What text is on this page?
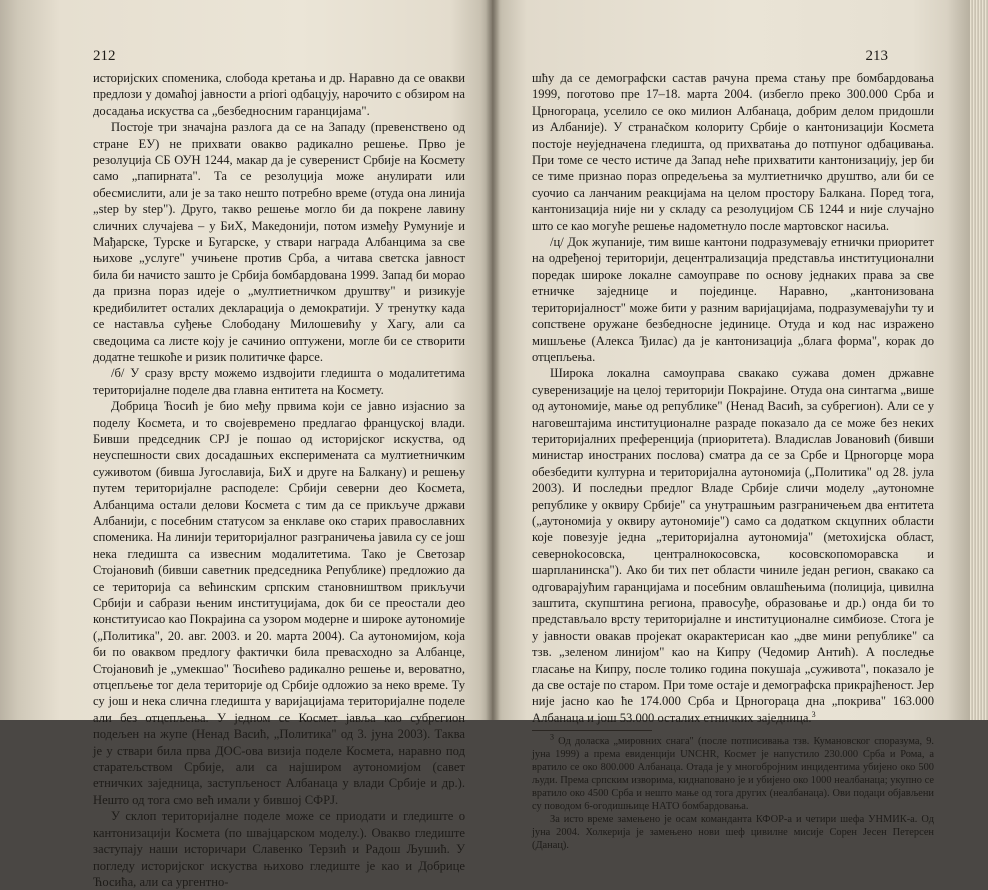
212

историјских споменика, слобода кретања и др. Наравно да се овакви предлози у домаћој јавности a priori одбацују, нарочито с обзиром на досадања искуства са „безбедносним гаранцијама".

Постоје три значајна разлога да се на Западу (превенствено од стране ЕУ) не прихвати овакво радикално решење. Прво је резолуција СБ ОУН 1244, макар да је суверенист Србије на Космету само „папирната". Та се резолуција може анулирати или обесмислити, али је за тако нешто потребно време (отуда она линија „step by step"). Друго, такво решење могло би да покрене лавину сличних случајева – у БиХ, Македонији, потом између Румуније и Мађарске, Турске и Бугарске, у ствари награда Албанцима за све њихове „услуге" учињене против Срба, а читава светска јавност била би начисто зашто је Србија бомбардована 1999. Запад би морао да призна пораз идеје о „мултиетничком друштву" и ризикује кредибилитет осталих декларација о демократији. У тренутку када се наставља суђење Слободану Милошевићу у Хагу, али са сведоцима са листе коју је сачинио оптужени, могле би се створити додатне тешкоће и ризик политичке фарсе.

/б/ У сразу врсту можемо издвојити гледишта о модалитетима територијалне поделе два главна ентитета на Космету.

Добрица Ћосић је био међу првима који се јавно изјаснио за поделу Космета, и то својевремено предлагао француској влади. Бивши председник СРЈ је пошао од историјског искуства, од неуспешности свих досадашњих експеримената са мултиетничким суживотом (бивша Југославија, БиХ и друге на Балкану) и решењу путем територијалне расподеле: Србији северни део Космета, Албанцима остали делови Космета с тим да се прикључе држави Албанији, с посебним статусом за енклаве око старих православних споменика. На линији територијалног разграничења јавила су се још нека гледишта са извесним модалитетима. Тако је Светозар Стојановић (бивши саветник председника Републике) предложио да се територија са већинским српским становништвом прикључи Србији и сабрази њеним институцијама, док би се преостали део конституисао као Покрајина са узором модерне и широке аутономије („Политика", 20. авг. 2003. и 20. марта 2004). Са аутономијом, која би по оваквом предлогу фактички била превасходно за Албанце, Стојановић је „умекшао" Ћосићево радикално решење и, вероватно, отцепљење тог дела територије од Србије одложио за неко време. Ту су још и нека слична гледишта у варијацијама територијалне поделе али без отцепљења. У једном се Космет јавља као субрегион подељен на жупе (Ненад Васић, „Политика" од 3. јуна 2003). Таква је у ствари била прва ДОС-ова визија поделе Космета, наравно под старатељством Србије, али са најширом аутономијом (савет етничких заједница, заступљеност Албанаца у влади Србије и др.). Нешто од тога смо већ имали у бившој СФРЈ.

У склоп територијалне поделе може се приодати и гледиште о кантонизацији Космета (по швајцарском моделу.). Овакво гледиште заступају наши историчари Славенко Терзић и Радош Љушић. У погледу историјског искуства њихово гледиште је као и Добрице Ћосића, али са ургентно-

213

шћу да се демографски састав рачуна према стању пре бомбардовања 1999, поготово пре 17–18. марта 2004. (избегло преко 300.000 Срба и Црногораца, уселило се око милион Албанаца, добрим делом придошли из Албаније). У странačком колориту Србије о кантонизацији Космета постоје неуједначена гледишта, од прихватања до потпуног одбацивања. При томе се често истиче да Запад неће прихватити кантонизацију, јер би се тиме признао пораз опредељења за мултиетничко друштво, али би се суочио са ланчаним реакцијама на целом простору Балкана. Поред тога, кантонизација није ни у складу са резолуцијом СБ 1244 и није случајно што се као могуће решење надометнуло после мартовског насиља.

/ц/ Док жупаније, тим више кантони подразумевају етнички приоритет на одређеној територији, децентрализација представља институционални поредак широке локалне самоуправе по основу једнаких права за све етничке заједнице и појединце. Наравно, „кантонизована територијалност" може бити у разним варијацијама, подразумевајући ту и сопствене оружане безбедносне јединице. Отуда и код нас изражено мишљење (Алекса Ђилас) да је кантонизација „блага форма", корак до отцепљења.

Широка локална самоуправа свакако сужава домен државне суверенизације на целој територији Покрајине. Отуда она синтагма „више од аутономије, мање од републике" (Ненад Васић, за субрегион). Али се у наговештајима институционалне разраде показало да се може без неких територијалних преференција (приоритета). Владислав Јовановић (бивши министар иностраних послова) сматра да се за Србе и Црногорце мора обезбедити културна и територијална аутономија („Политика" од 28. јула 2003). И последњи предлог Владе Србије сличи моделу „аутономне републике у оквиру Србије" са унутрашњим разграничењем два ентитета („аутономија у оквиру аутономије") само са додатком скцупних области које повезује једна „територијална аутономија" (метохијска област, северноkосовска, централнокосовска, косовскопоморавска и шарпланинска"). Ако би тих пет области чиниле један регион, свакако са одговарајућим гаранцијама и посебним овлашћењима (полиција, цивилна заштита, скупштина региона, правосуђе, образовање и др.) онда би то представљало врсту територијалне и институционалне симбиозе. Стога је у јавности овакав пројекат окарактерисан као „две мини републике" са тзв. „зеленом линијом" као на Кипру (Чедомир Антић). А последње гласање на Кипру, после толико година покушаја „суживота", показало је да све остаје по старом. При томе остаје и демографска прикрајћеност. Јер није јасно као ће 174.000 Срба и Црногораца дна „покрива" 163.000 Албанаца и још 53.000 осталих етничких заједница.$^3$

$^3$ Од доласка „мировних снага" (после потписивања тзв. Кумановског споразума, 9. јуна 1999) а према евиденцији UNCHR, Космет је напустило 230.000 Срба и Рома, а вратило се око 800.000 Албанаца. Отада је у многобројним инцидентима убијено око 500 људи. Према српским изворима, киднаповано је и убијено око 1000 неалбанаца; укупно се вратило око 4500 Срба и нешто мање од тога других (неалбанаца). Ови подаци објављени су поводом 6-огодишњице НАТО бомбардовања.

За исто време замењено је осам команданта КФОР-а и четири шефа УНМИК-а. Од јуна 2004. Холкерија је замењено нови шеф цивилне мисије Сорен Јесен Петерсен (Данац).
